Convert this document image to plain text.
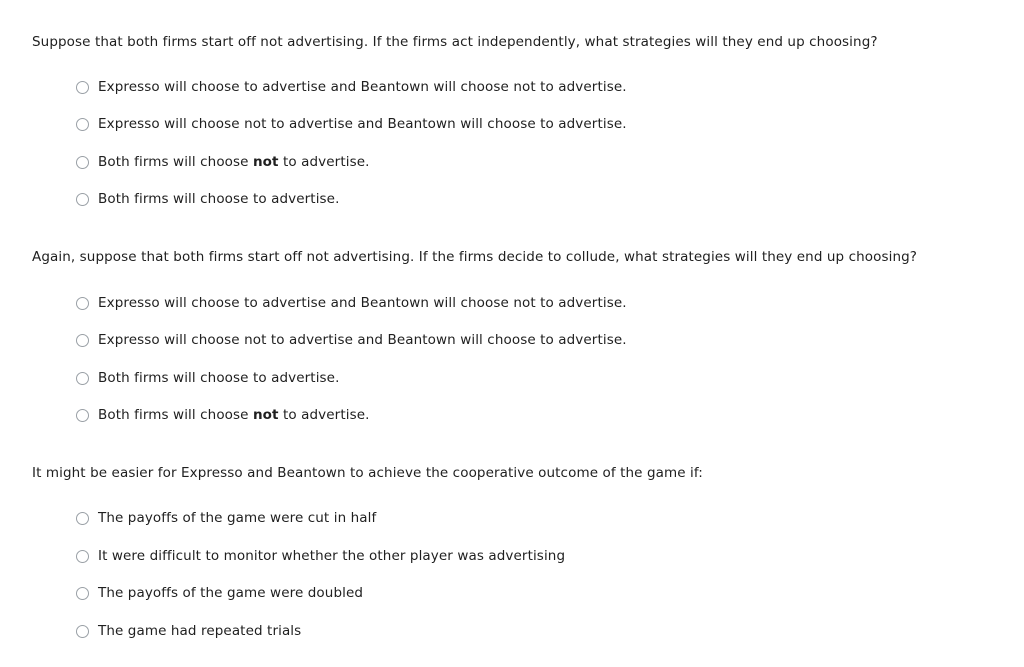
Suppose that both firms start off not advertising. If the firms act independently, what strategies will they end up choosing?
Expresso will choose to advertise and Beantown will choose not to advertise.
Expresso will choose not to advertise and Beantown will choose to advertise.
Both firms will choose not to advertise.
Both firms will choose to advertise.
Again, suppose that both firms start off not advertising. If the firms decide to collude, what strategies will they end up choosing?
Expresso will choose to advertise and Beantown will choose not to advertise.
Expresso will choose not to advertise and Beantown will choose to advertise.
Both firms will choose to advertise.
Both firms will choose not to advertise.
It might be easier for Expresso and Beantown to achieve the cooperative outcome of the game if:
The payoffs of the game were cut in half
It were difficult to monitor whether the other player was advertising
The payoffs of the game were doubled
The game had repeated trials
